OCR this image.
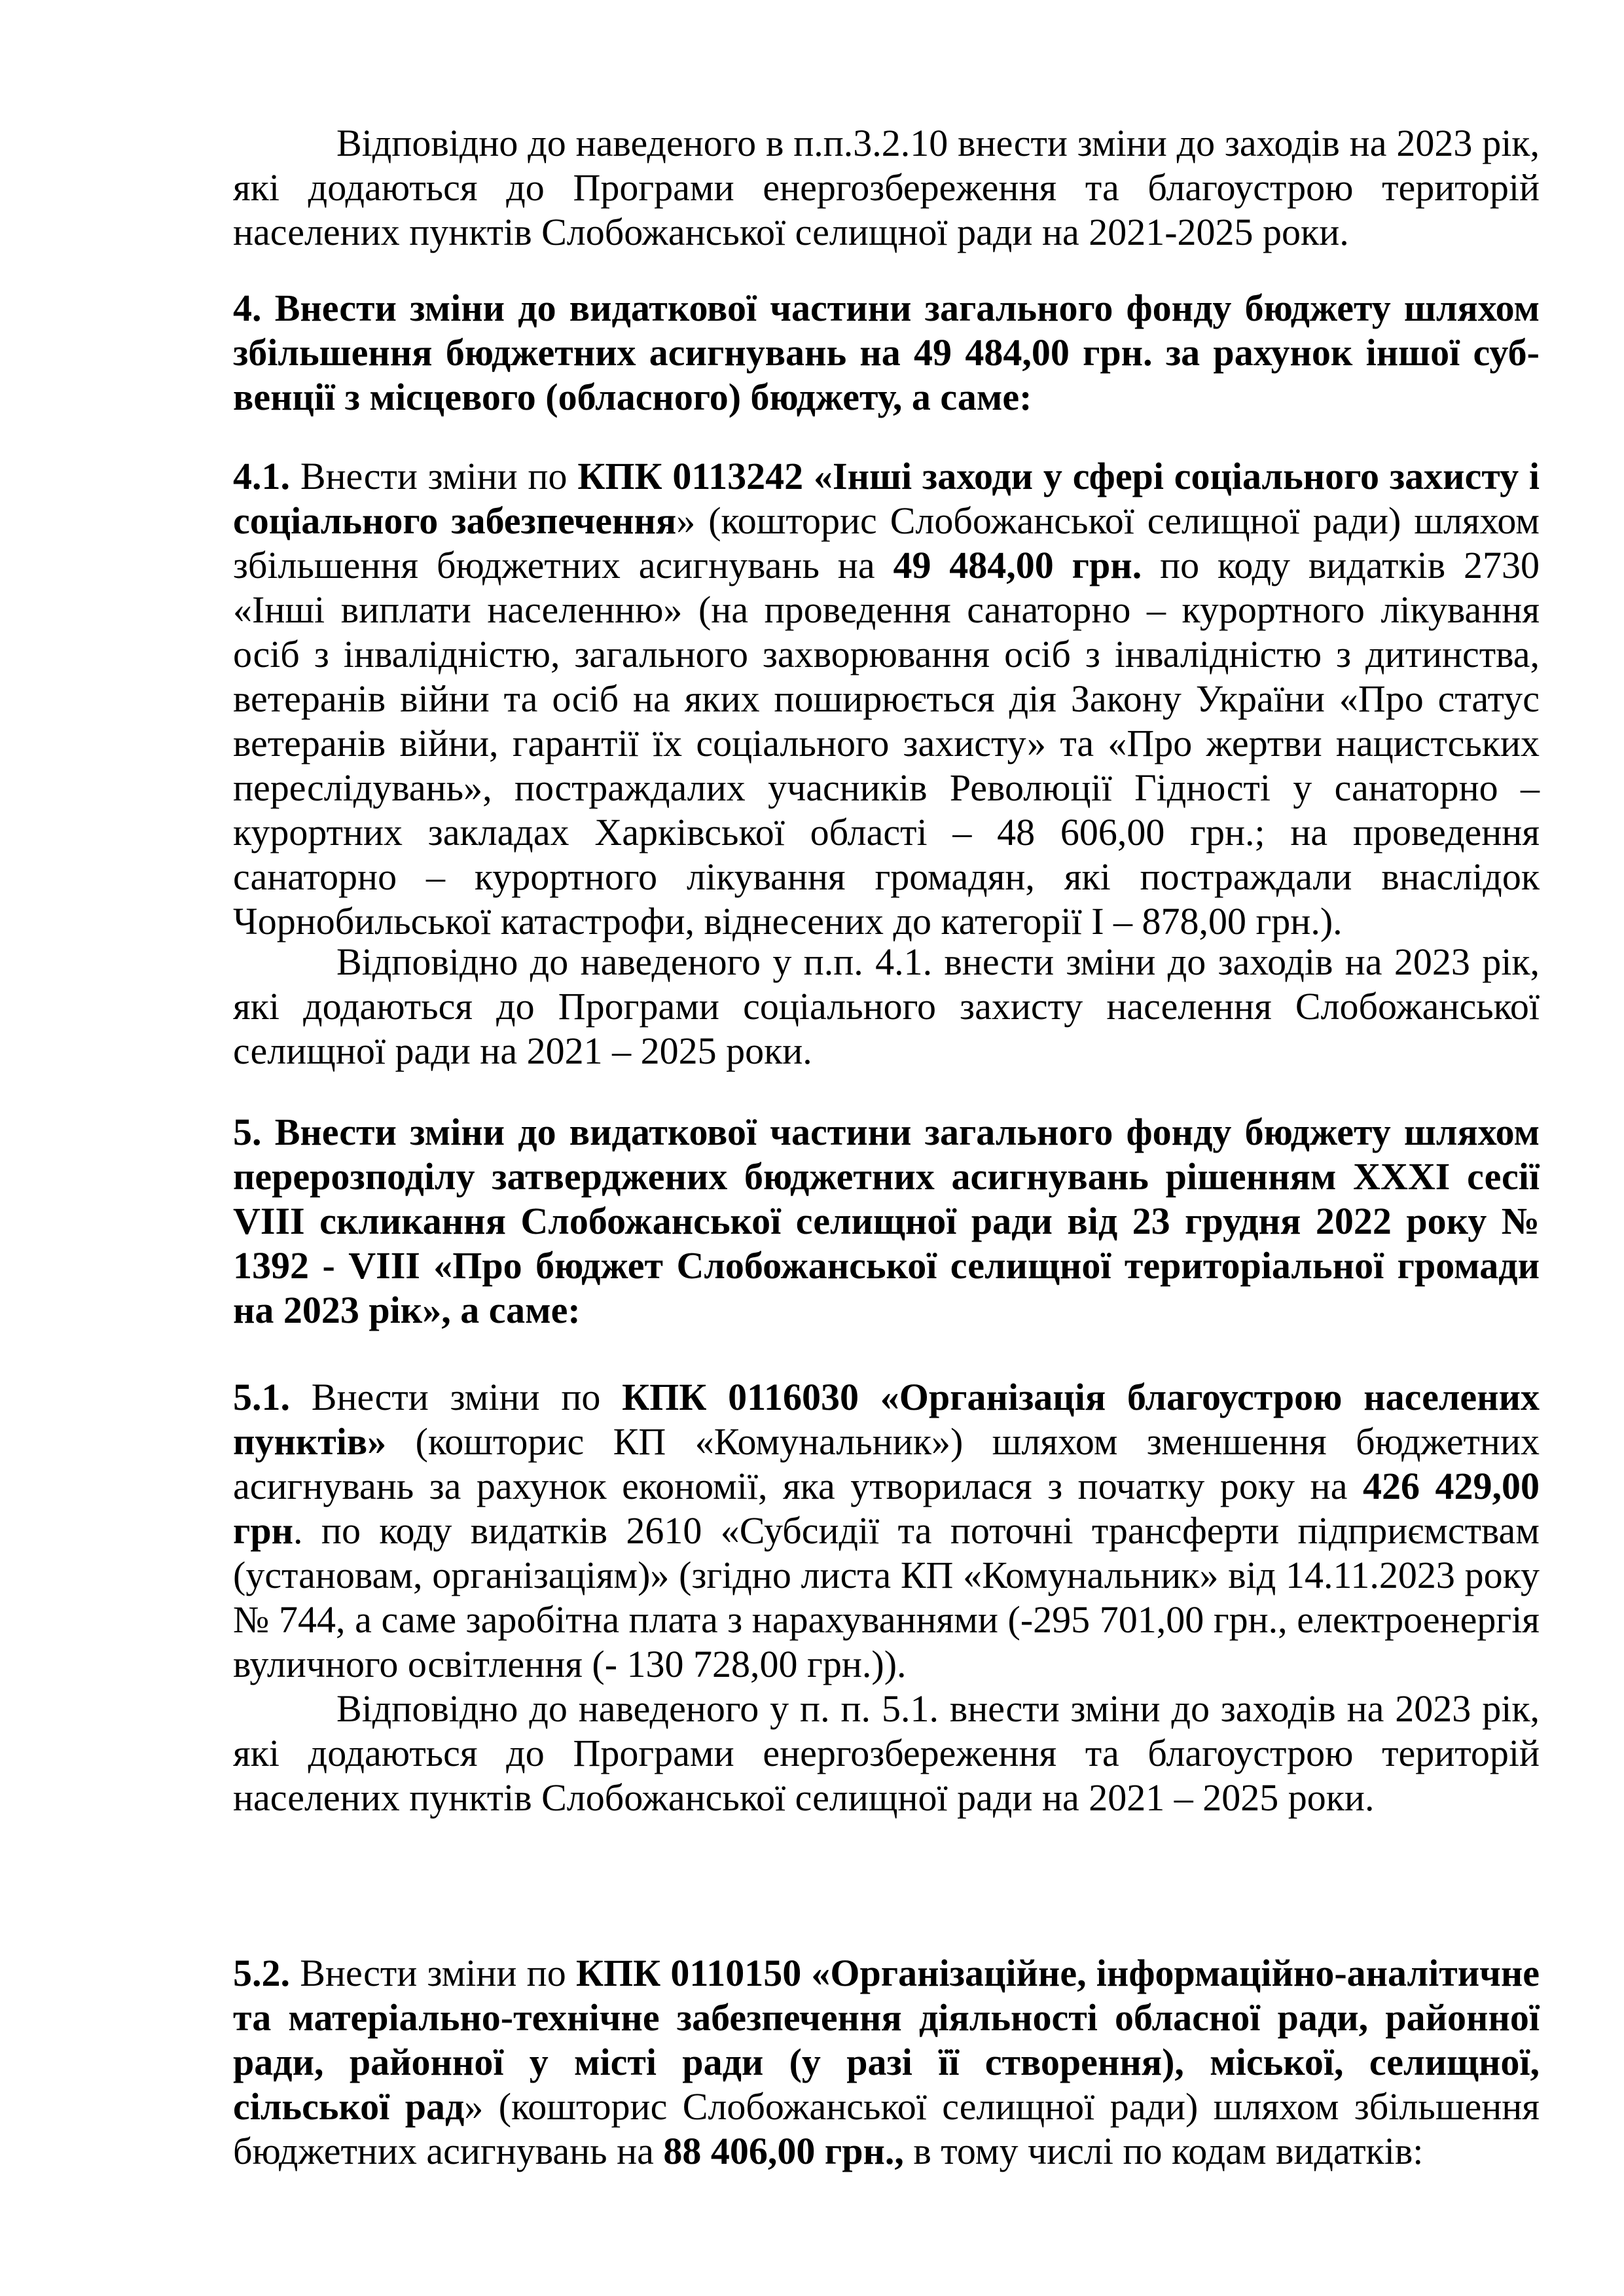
Відповідно до наведеного в п.п.3.2.10 внести зміни до заходів на 2023 рік, які додаються до Програми енергозбереження та благоустрою територій населених пунктів Слобожанської селищної ради на 2021-2025 роки.

4. Внести зміни до видаткової частини загального фонду бюджету шляхом збільшення бюджетних асигнувань на 49 484,00 грн. за рахунок іншої субвенції з місцевого (обласного) бюджету, а саме:

4.1. Внести зміни по КПК 0113242 «Інші заходи у сфері соціального захисту і соціального забезпечення» (кошторис Слобожанської селищної ради) шляхом збільшення бюджетних асигнувань на 49 484,00 грн. по коду видатків 2730 «Інші виплати населенню» (на проведення санаторно – курортного лікування осіб з інвалідністю, загального захворювання осіб з інвалідністю з дитинства, ветеранів війни та осіб на яких поширюється дія Закону України «Про статус ветеранів війни, гарантії їх соціального захисту» та «Про жертви нацистських переслідувань», постраждалих учасників Революції Гідності у санаторно – курортних закладах Харківської області – 48 606,00 грн.; на проведення санаторно – курортного лікування громадян, які постраждали внаслідок Чорнобильської катастрофи, віднесених до категорії І – 878,00 грн.).

Відповідно до наведеного у п.п. 4.1. внести зміни до заходів на 2023 рік, які додаються до Програми соціального захисту населення Слобожанської селищної ради на 2021 – 2025 роки.

5. Внести зміни до видаткової частини загального фонду бюджету шляхом перерозподілу затверджених бюджетних асигнувань рішенням XXXI сесії VIII скликання Слобожанської селищної ради від 23 грудня 2022 року № 1392 - VIII «Про бюджет Слобожанської селищної територіальної громади на 2023 рік», а саме:

5.1. Внести зміни по КПК 0116030 «Організація благоустрою населених пунктів» (кошторис КП «Комунальник») шляхом зменшення бюджетних асигнувань за рахунок економії, яка утворилася з початку року на 426 429,00 грн. по коду видатків 2610 «Субсидії та поточні трансферти підприємствам (установам, організаціям)» (згідно листа КП «Комунальник» від 14.11.2023 року № 744, а саме заробітна плата з нарахуваннями (-295 701,00 грн., електроенергія вуличного освітлення (- 130 728,00 грн.)).

Відповідно до наведеного у п. п. 5.1. внести зміни до заходів на 2023 рік, які додаються до Програми енергозбереження та благоустрою територій населених пунктів Слобожанської селищної ради на 2021 – 2025 роки.

5.2. Внести зміни по КПК 0110150 «Організаційне, інформаційно-аналітичне та матеріально-технічне забезпечення діяльності обласної ради, районної ради, районної у місті ради (у разі її створення), міської, селищної, сільської рад» (кошторис Слобожанської селищної ради) шляхом збільшення бюджетних асигнувань на 88 406,00 грн., в тому числі по кодам видатків:
